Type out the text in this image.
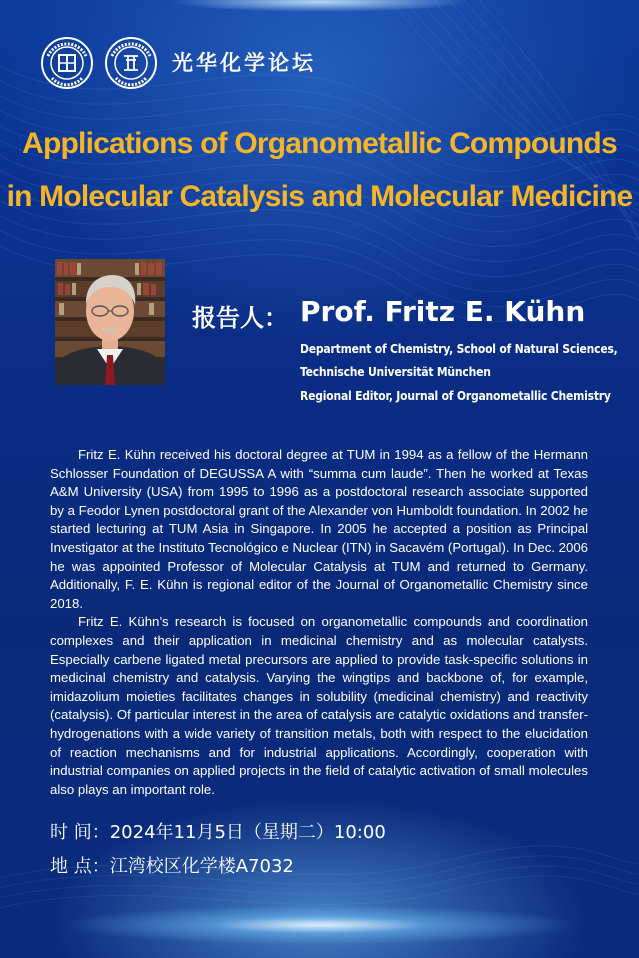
光华化学论坛
Applications of Organometallic Compounds
in Molecular Catalysis and Molecular Medicine
报告人： Prof. Fritz E. Kühn
Department of Chemistry, School of Natural Sciences,
Technische Universität München
Regional Editor, Journal of Organometallic Chemistry

Fritz E. Kühn received his doctoral degree at TUM in 1994 as a fellow of the Hermann Schlosser Foundation of DEGUSSA A with “summa cum laude”. Then he worked at Texas A&M University (USA) from 1995 to 1996 as a postdoctoral research associate supported by a Feodor Lynen postdoctoral grant of the Alexander von Humboldt foundation. In 2002 he started lecturing at TUM Asia in Singapore. In 2005 he accepted a position as Principal Investigator at the Instituto Tecnológico e Nuclear (ITN) in Sacavém (Portugal). In Dec. 2006 he was appointed Professor of Molecular Catalysis at TUM and returned to Germany. Additionally, F. E. Kühn is regional editor of the Journal of Organometallic Chemistry since 2018.

Fritz E. Kühn’s research is focused on organometallic compounds and coordination complexes and their application in medicinal chemistry and as molecular catalysts. Especially carbene ligated metal precursors are applied to provide task-specific solutions in medicinal chemistry and catalysis. Varying the wingtips and backbone of, for example, imidazolium moieties facilitates changes in solubility (medicinal chemistry) and reactivity (catalysis). Of particular interest in the area of catalysis are catalytic oxidations and transfer-hydrogenations with a wide variety of transition metals, both with respect to the elucidation of reaction mechanisms and for industrial applications. Accordingly, cooperation with industrial companies on applied projects in the field of catalytic activation of small molecules also plays an important role.

时 间：2024年11月5日（星期二）10:00
地 点：江湾校区化学楼A7032
